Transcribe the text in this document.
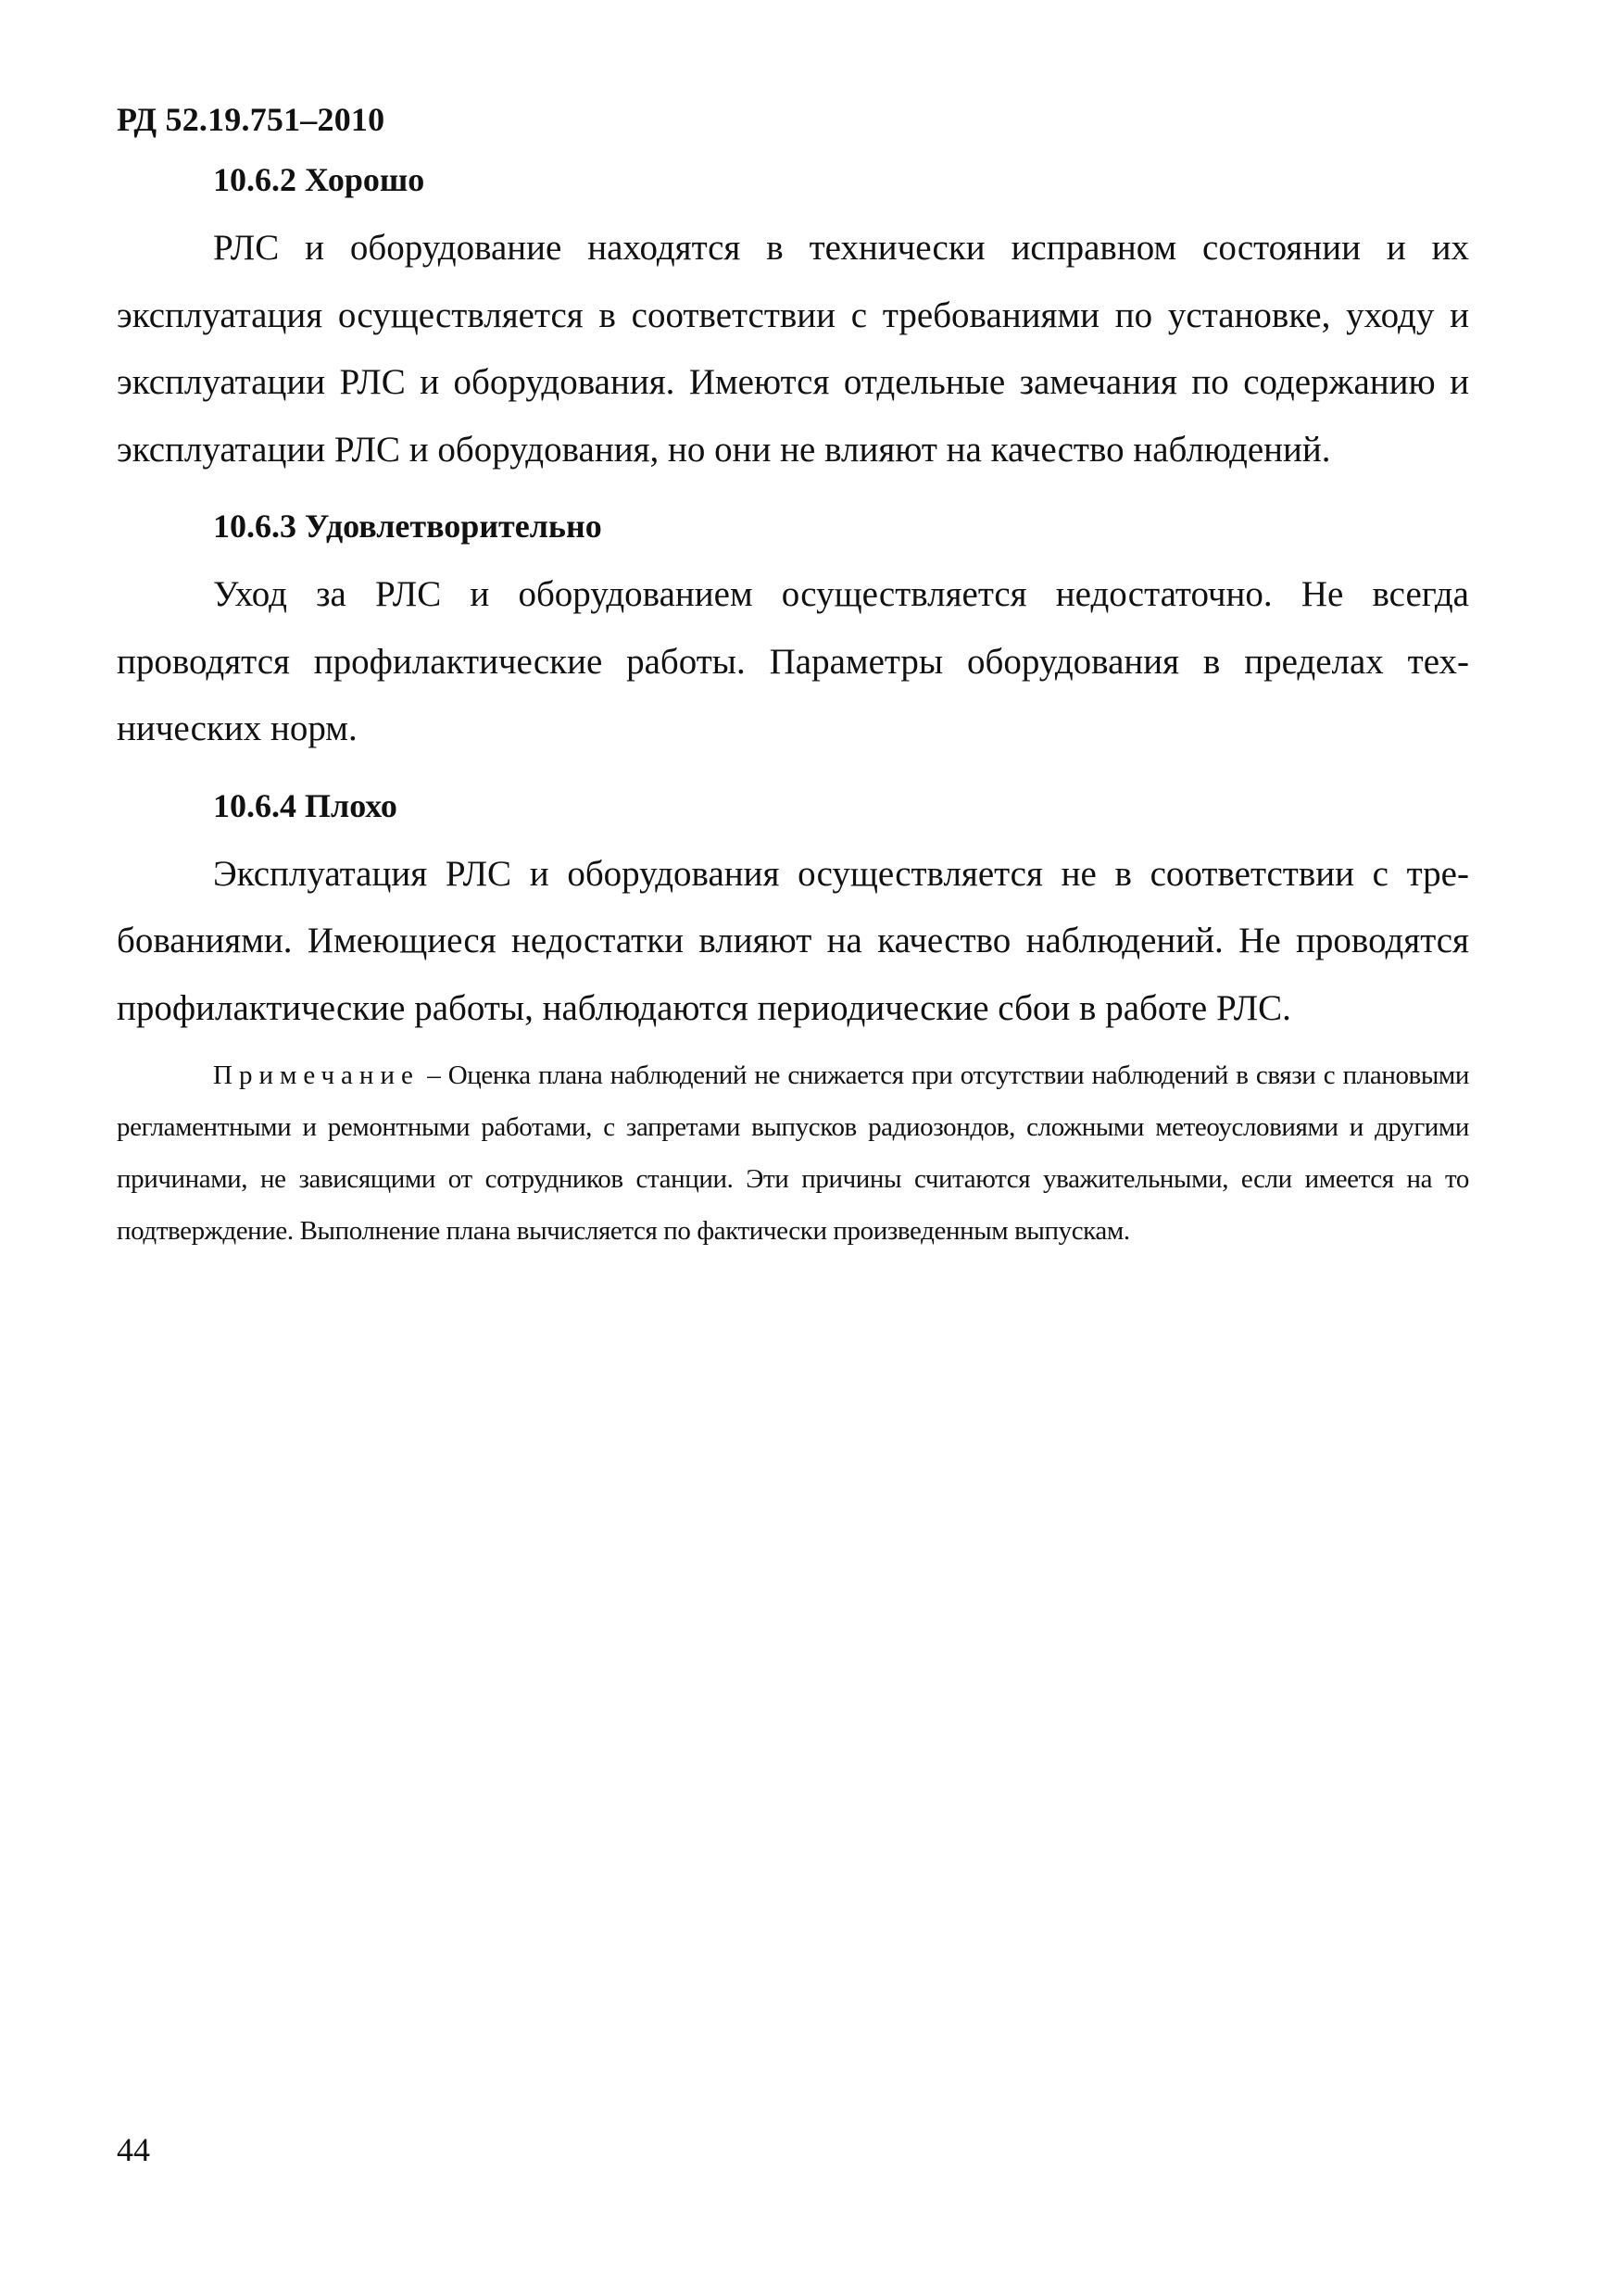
РД 52.19.751–2010

10.6.2 Хорошо

РЛС и оборудование находятся в технически исправном состоянии и их эксплуатация осуществляется в соответствии с требованиями по установке, уходу и эксплуатации РЛС и оборудования. Имеются отдельные замечания по содержанию и эксплуатации РЛС и оборудования, но они не влияют на качество наблюдений.

10.6.3 Удовлетворительно

Уход за РЛС и оборудованием осуществляется недостаточно. Не всегда проводятся профилактические работы. Параметры оборудования в пределах технических норм.

10.6.4 Плохо

Эксплуатация РЛС и оборудования осуществляется не в соответствии с требованиями. Имеющиеся недостатки влияют на качество наблюдений. Не проводятся профилактические работы, наблюдаются периодические сбои в работе РЛС.

Примечание – Оценка плана наблюдений не снижается при отсутствии наблюдений в связи с плановыми регламентными и ремонтными работами, с запретами выпусков радиозондов, сложными метеоусловиями и другими причинами, не зависящими от сотрудников станции. Эти причины считаются уважительными, если имеется на то подтверждение. Выполнение плана вычисляется по фактически произведенным выпускам.

44
